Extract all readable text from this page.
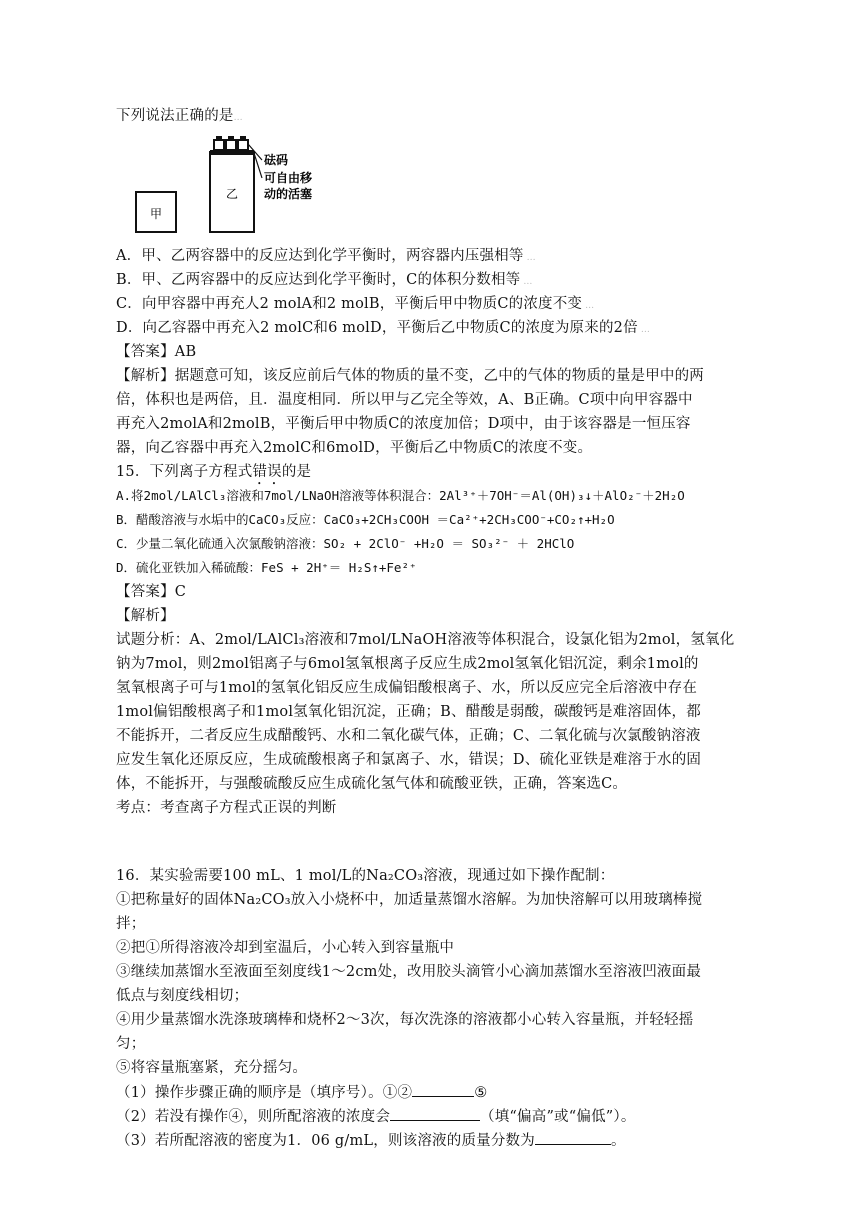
下列说法正确的是…
甲
乙
砝码
可自由移
动的活塞
A．甲、乙两容器中的反应达到化学平衡时，两容器内压强相等 …
B．甲、乙两容器中的反应达到化学平衡时，C的体积分数相等 …
C．向甲容器中再充人2 molA和2 molB，平衡后甲中物质C的浓度不变 …
D．向乙容器中再充入2 molC和6 molD，平衡后乙中物质C的浓度为原来的2倍 …
【答案】AB
【解析】据题意可知，该反应前后气体的物质的量不变，乙中的气体的物质的量是甲中的两
倍，体积也是两倍，且．温度相同．所以甲与乙完全等效，A、B正确。C项中向甲容器中
再充入2molA和2molB，平衡后甲中物质C的浓度加倍；D项中，由于该容器是一恒压容
器，向乙容器中再充入2molC和6molD，平衡后乙中物质C的浓度不变。
15．下列离子方程式错误的是
A.将2mol/LAlCl₃溶液和7mol/LNaOH溶液等体积混合：2Al³⁺＋7OH⁻＝Al(OH)₃↓＋AlO₂⁻＋2H₂O
B．醋酸溶液与水垢中的CaCO₃反应：CaCO₃+2CH₃COOH ＝Ca²⁺+2CH₃COO⁻+CO₂↑+H₂O
C．少量二氧化硫通入次氯酸钠溶液：SO₂ + 2ClO⁻ +H₂O ＝ SO₃²⁻ ＋ 2HClO
D．硫化亚铁加入稀硫酸：FeS + 2H⁺＝ H₂S↑+Fe²⁺
【答案】C
【解析】
试题分析：A、2mol/LAlCl₃溶液和7mol/LNaOH溶液等体积混合，设氯化铝为2mol，氢氧化
钠为7mol，则2mol铝离子与6mol氢氧根离子反应生成2mol氢氧化铝沉淀，剩余1mol的
氢氧根离子可与1mol的氢氧化铝反应生成偏铝酸根离子、水，所以反应完全后溶液中存在
1mol偏铝酸根离子和1mol氢氧化铝沉淀，正确；B、醋酸是弱酸，碳酸钙是难溶固体，都
不能拆开，二者反应生成醋酸钙、水和二氧化碳气体，正确；C、二氧化硫与次氯酸钠溶液
应发生氧化还原反应，生成硫酸根离子和氯离子、水，错误；D、硫化亚铁是难溶于水的固
体，不能拆开，与强酸硫酸反应生成硫化氢气体和硫酸亚铁，正确，答案选C。
考点：考查离子方程式正误的判断
16．某实验需要100 mL、1 mol/L的Na₂CO₃溶液，现通过如下操作配制：
①把称量好的固体Na₂CO₃放入小烧杯中，加适量蒸馏水溶解。为加快溶解可以用玻璃棒搅
拌；
②把①所得溶液冷却到室温后，小心转入到容量瓶中
③继续加蒸馏水至液面至刻度线1～2cm处，改用胶头滴管小心滴加蒸馏水至溶液凹液面最
低点与刻度线相切；
④用少量蒸馏水洗涤玻璃棒和烧杯2～3次，每次洗涤的溶液都小心转入容量瓶，并轻轻摇
匀；
⑤将容量瓶塞紧，充分摇匀。
（1）操作步骤正确的顺序是（填序号）。①②	⑤
（2）若没有操作④，则所配溶液的浓度会	（填“偏高”或“偏低”）。
（3）若所配溶液的密度为1．06 g/mL，则该溶液的质量分数为	。
